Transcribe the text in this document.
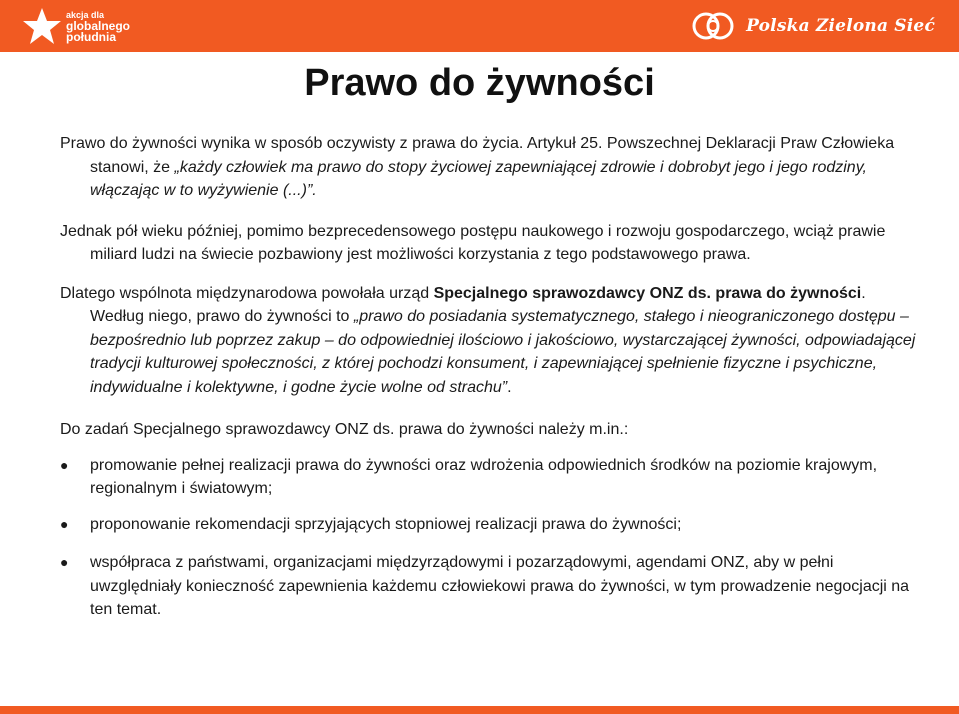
akcja dla
globalnego
południa
Polska Zielona Sieć
Prawo do żywności

Prawo do żywności wynika w sposób oczywisty z prawa do życia. Artykuł 25. Powszechnej Deklaracji Praw Człowieka stanowi, że „każdy człowiek ma prawo do stopy życiowej zapewniającej zdrowie i dobrobyt jego i jego rodziny, włączając w to wyżywienie (...)”.

Jednak pół wieku później, pomimo bezprecedensowego postępu naukowego i rozwoju gospodarczego, wciąż prawie miliard ludzi na świecie pozbawiony jest możliwości korzystania z tego podstawowego prawa.

Dlatego wspólnota międzynarodowa powołała urząd Specjalnego sprawozdawcy ONZ ds. prawa do żywności. Według niego, prawo do żywności to „prawo do posiadania systematycznego, stałego i nieograniczonego dostępu – bezpośrednio lub poprzez zakup – do odpowiedniej ilościowo i jakościowo, wystarczającej żywności, odpowiadającej tradycji kulturowej społeczności, z której pochodzi konsument, i zapewniającej spełnienie fizyczne i psychiczne, indywidualne i kolektywne, i godne życie wolne od strachu”.

Do zadań Specjalnego sprawozdawcy ONZ ds. prawa do żywności należy m.in.:

● promowanie pełnej realizacji prawa do żywności oraz wdrożenia odpowiednich środków na poziomie krajowym, regionalnym i światowym;
● proponowanie rekomendacji sprzyjających stopniowej realizacji prawa do żywności;
● współpraca z państwami, organizacjami międzyrządowymi i pozarządowymi, agendami ONZ, aby w pełni uwzględniały konieczność zapewnienia każdemu człowiekowi prawa do żywności, w tym prowadzenie negocjacji na ten temat.
